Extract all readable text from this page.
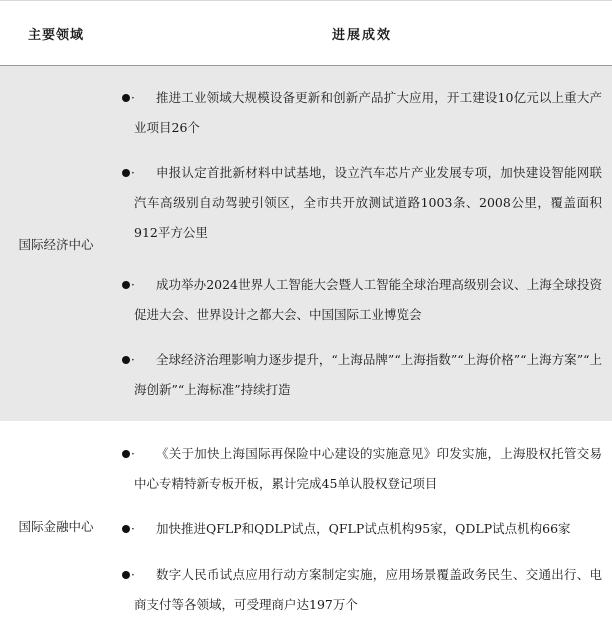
主要领域	进展成效
国际经济中心
·	推进工业领域大规模设备更新和创新产品扩大应用，开工建设10亿元以上重大产业项目26个
·	申报认定首批新材料中试基地，设立汽车芯片产业发展专项，加快建设智能网联汽车高级别自动驾驶引领区，全市共开放测试道路1003条、2008公里，覆盖面积912平方公里
·	成功举办2024世界人工智能大会暨人工智能全球治理高级别会议、上海全球投资促进大会、世界设计之都大会、中国国际工业博览会
·	全球经济治理影响力逐步提升，“上海品牌”“上海指数”“上海价格”“上海方案”“上海创新”“上海标准”持续打造
国际金融中心
·	《关于加快上海国际再保险中心建设的实施意见》印发实施，上海股权托管交易中心专精特新专板开板，累计完成45单认股权登记项目
·	加快推进QFLP和QDLP试点，QFLP试点机构95家，QDLP试点机构66家
·	数字人民币试点应用行动方案制定实施，应用场景覆盖政务民生、交通出行、电商支付等各领域，可受理商户达197万个
